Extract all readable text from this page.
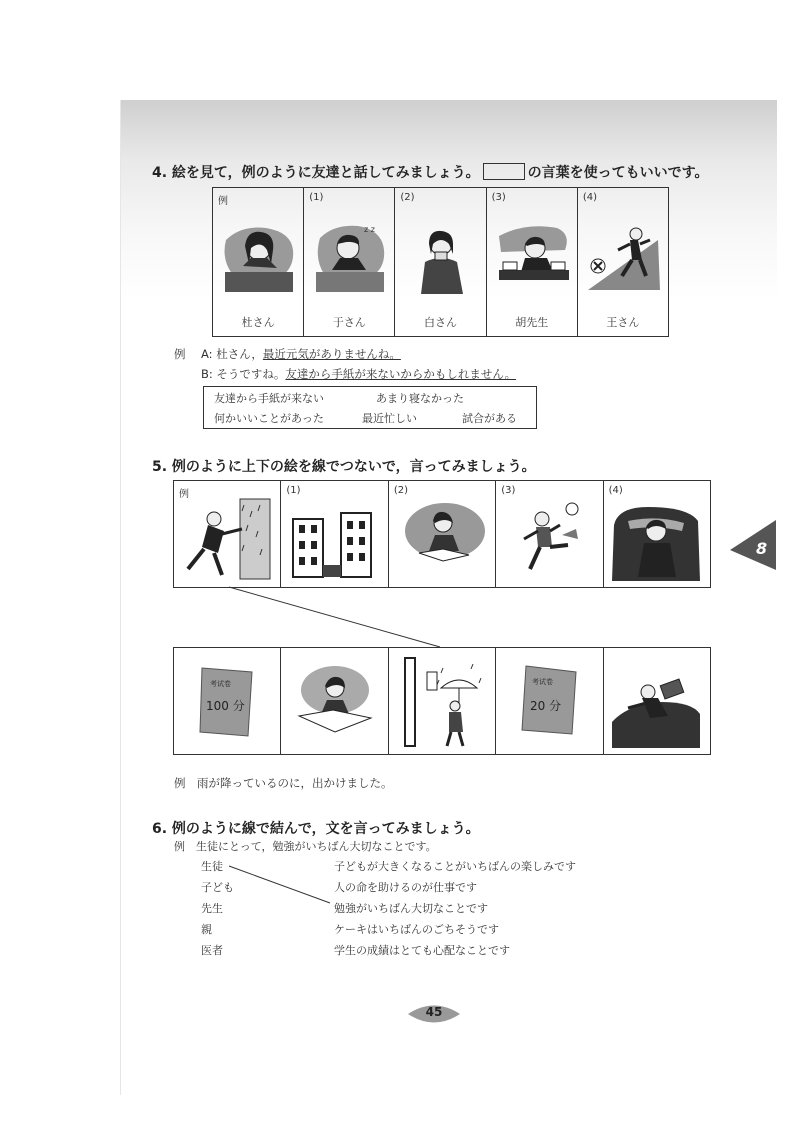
4. 絵を見て，例のように友達と話してみましょう。	の言葉を使ってもいいです。
例
杜さん
(1)
z z
于さん
(2)
白さん
(3)
胡先生
(4)
王さん
例 A: 杜さん，最近元気がありませんね。
B: そうですね。友達から手紙が来ないからかもしれません。
友達から手紙が来ない	あまり寝なかった
何かいいことがあった	最近忙しい	試合がある
5. 例のように上下の絵を線でつないで，言ってみましょう。
例	(1)	(2)	(3)	(4)
考试卷
100 分
考试卷
20 分
例　雨が降っているのに，出かけました。
6. 例のように線で結んで，文を言ってみましょう。
例　生徒にとって，勉強がいちばん大切なことです。
生徒
子ども
先生
親
医者
子どもが大きくなることがいちばんの楽しみです
人の命を助けるのが仕事です
勉強がいちばん大切なことです
ケーキはいちばんのごちそうです
学生の成績はとても心配なことです
8
45
